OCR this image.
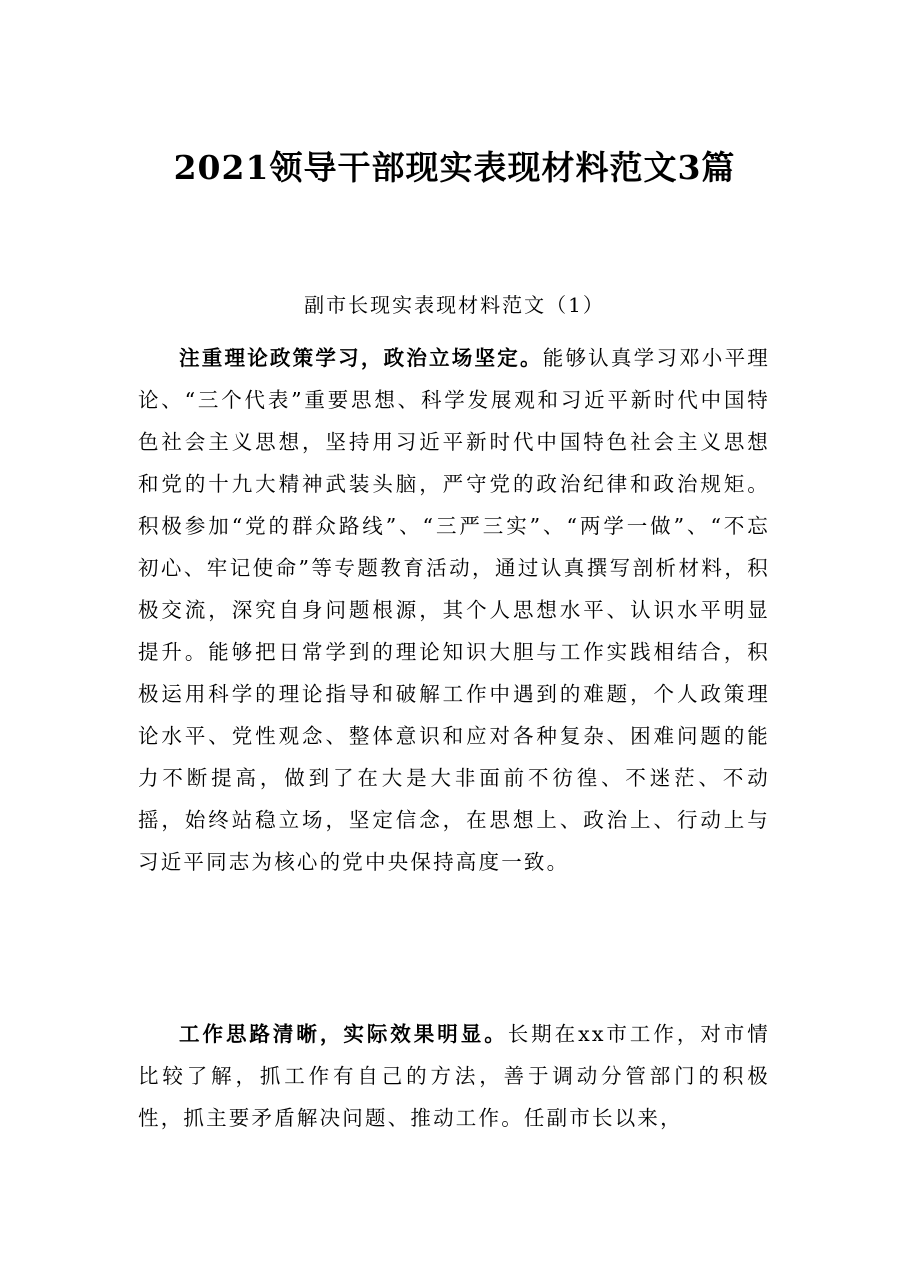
2021领导干部现实表现材料范文3篇
副市长现实表现材料范文（1）

注重理论政策学习，政治立场坚定。能够认真学习邓小平理论、“三个代表”重要思想、科学发展观和习近平新时代中国特色社会主义思想，坚持用习近平新时代中国特色社会主义思想和党的十九大精神武装头脑，严守党的政治纪律和政治规矩。积极参加“党的群众路线”、“三严三实”、“两学一做”、“不忘初心、牢记使命”等专题教育活动，通过认真撰写剖析材料，积极交流，深究自身问题根源，其个人思想水平、认识水平明显提升。能够把日常学到的理论知识大胆与工作实践相结合，积极运用科学的理论指导和破解工作中遇到的难题，个人政策理论水平、党性观念、整体意识和应对各种复杂、困难问题的能力不断提高，做到了在大是大非面前不彷徨、不迷茫、不动摇，始终站稳立场，坚定信念，在思想上、政治上、行动上与习近平同志为核心的党中央保持高度一致。

工作思路清晰，实际效果明显。长期在xx市工作，对市情比较了解，抓工作有自己的方法，善于调动分管部门的积极性，抓主要矛盾解决问题、推动工作。任副市长以来，
